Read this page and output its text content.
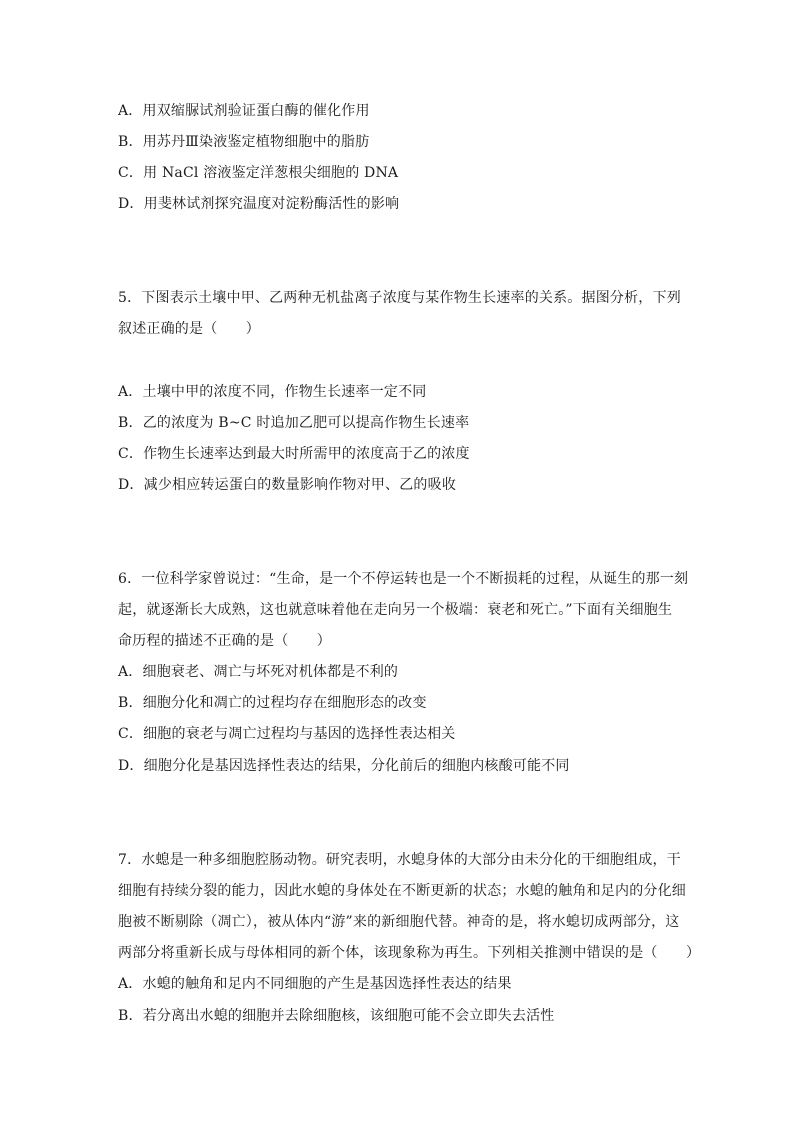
A．用双缩脲试剂验证蛋白酶的催化作用
B．用苏丹Ⅲ染液鉴定植物细胞中的脂肪
C．用 NaCl 溶液鉴定洋葱根尖细胞的 DNA
D．用斐林试剂探究温度对淀粉酶活性的影响
5．下图表示土壤中甲、乙两种无机盐离子浓度与某作物生长速率的关系。据图分析，下列
叙述正确的是（　　）
A．土壤中甲的浓度不同，作物生长速率一定不同
B．乙的浓度为 B~C 时追加乙肥可以提高作物生长速率
C．作物生长速率达到最大时所需甲的浓度高于乙的浓度
D．减少相应转运蛋白的数量影响作物对甲、乙的吸收
6．一位科学家曾说过：“生命，是一个不停运转也是一个不断损耗的过程，从诞生的那一刻
起，就逐渐长大成熟，这也就意味着他在走向另一个极端：衰老和死亡。”下面有关细胞生
命历程的描述不正确的是（　　）
A．细胞衰老、凋亡与坏死对机体都是不利的
B．细胞分化和凋亡的过程均存在细胞形态的改变
C．细胞的衰老与凋亡过程均与基因的选择性表达相关
D．细胞分化是基因选择性表达的结果，分化前后的细胞内核酸可能不同
7．水螅是一种多细胞腔肠动物。研究表明，水螅身体的大部分由未分化的干细胞组成，干
细胞有持续分裂的能力，因此水螅的身体处在不断更新的状态；水螅的触角和足内的分化细
胞被不断剔除（凋亡），被从体内“游”来的新细胞代替。神奇的是，将水螅切成两部分，这
两部分将重新长成与母体相同的新个体，该现象称为再生。下列相关推测中错误的是（　　）
A．水螅的触角和足内不同细胞的产生是基因选择性表达的结果
B．若分离出水螅的细胞并去除细胞核，该细胞可能不会立即失去活性
